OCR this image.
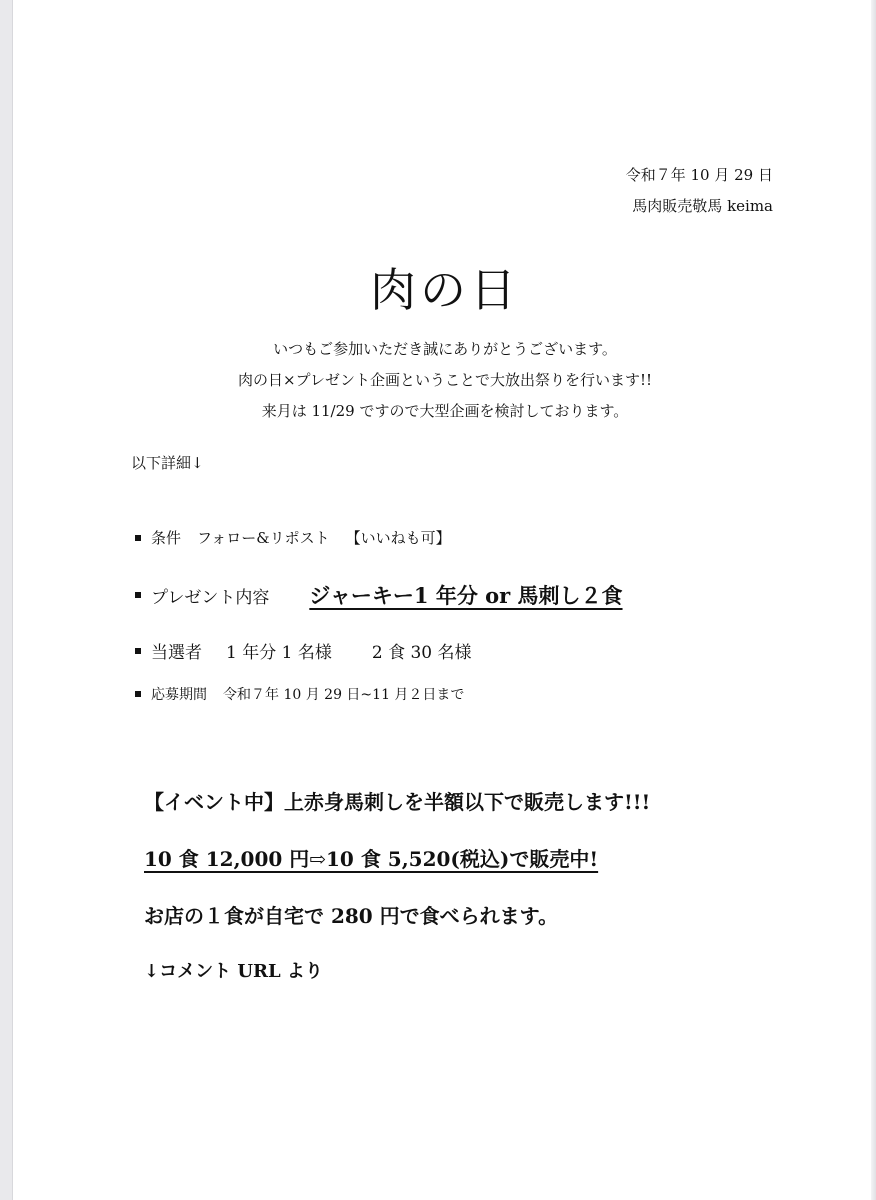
令和７年 10 月 29 日
馬肉販売敬馬 keima
肉の日
いつもご参加いただき誠にありがとうございます。
肉の日×プレゼント企画ということで大放出祭りを行います!!
来月は 11/29 ですので大型企画を検討しております。
以下詳細↓
条件 フォロー&リポスト 【いいねも可】
プレゼント内容 ジャーキー1 年分 or 馬刺し２食
当選者 1 年分 1 名様 2 食 30 名様
応募期間 令和７年 10 月 29 日~11 月２日まで
【イベント中】上赤身馬刺しを半額以下で販売します!!!
10 食 12,000 円⇨10 食 5,520(税込)で販売中!
お店の１食が自宅で 280 円で食べられます。
↓コメント URL より
